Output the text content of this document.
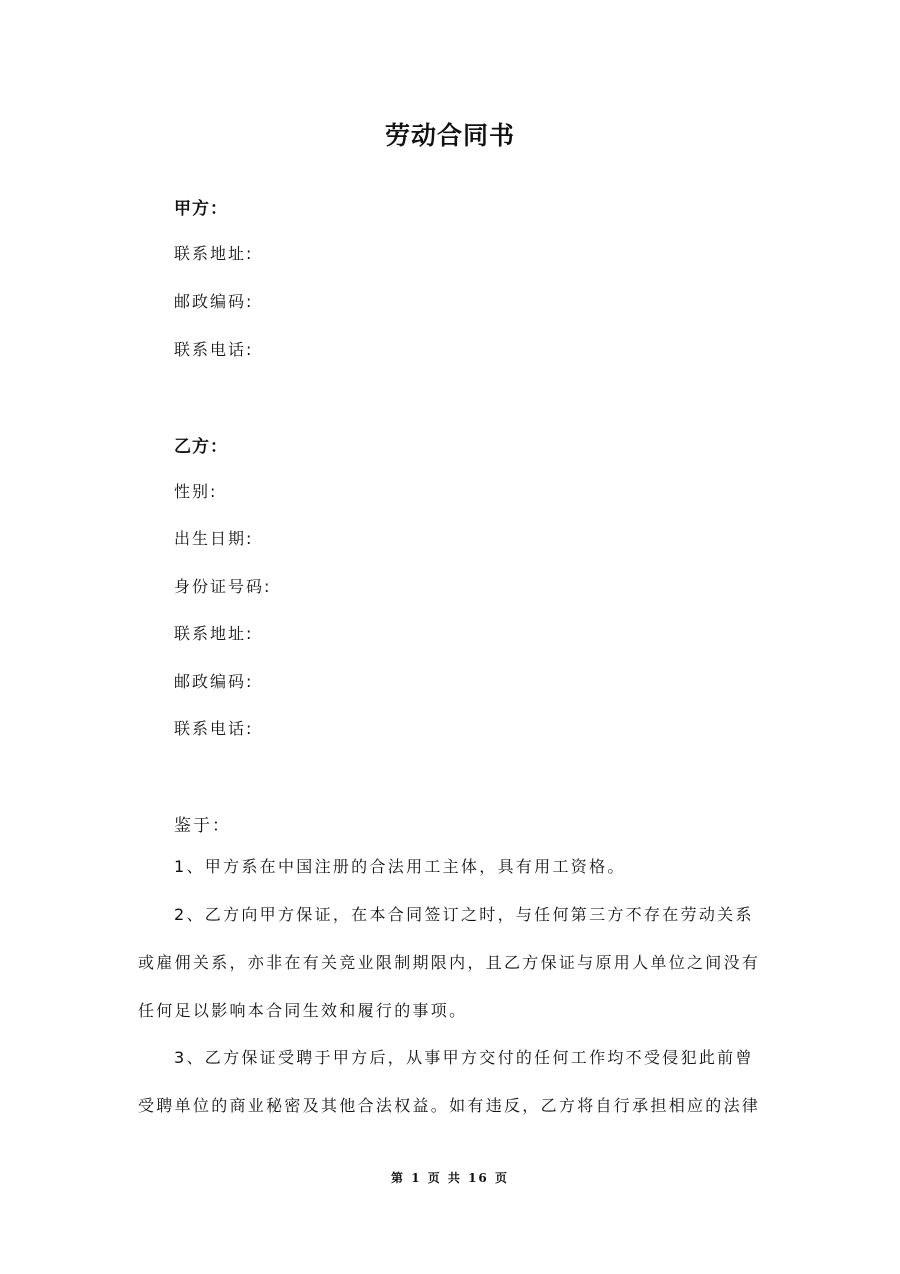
劳动合同书
甲方：
联系地址:
邮政编码:
联系电话:
乙方：
性别:
出生日期:
身份证号码:
联系地址:
邮政编码:
联系电话:
鉴于：

1、甲方系在中国注册的合法用工主体，具有用工资格。

2、乙方向甲方保证，在本合同签订之时，与任何第三方不存在劳动关系或雇佣关系，亦非在有关竞业限制期限内，且乙方保证与原用人单位之间没有任何足以影响本合同生效和履行的事项。

3、乙方保证受聘于甲方后，从事甲方交付的任何工作均不受侵犯此前曾受聘单位的商业秘密及其他合法权益。如有违反，乙方将自行承担相应的法律

第 1 页 共 16 页
